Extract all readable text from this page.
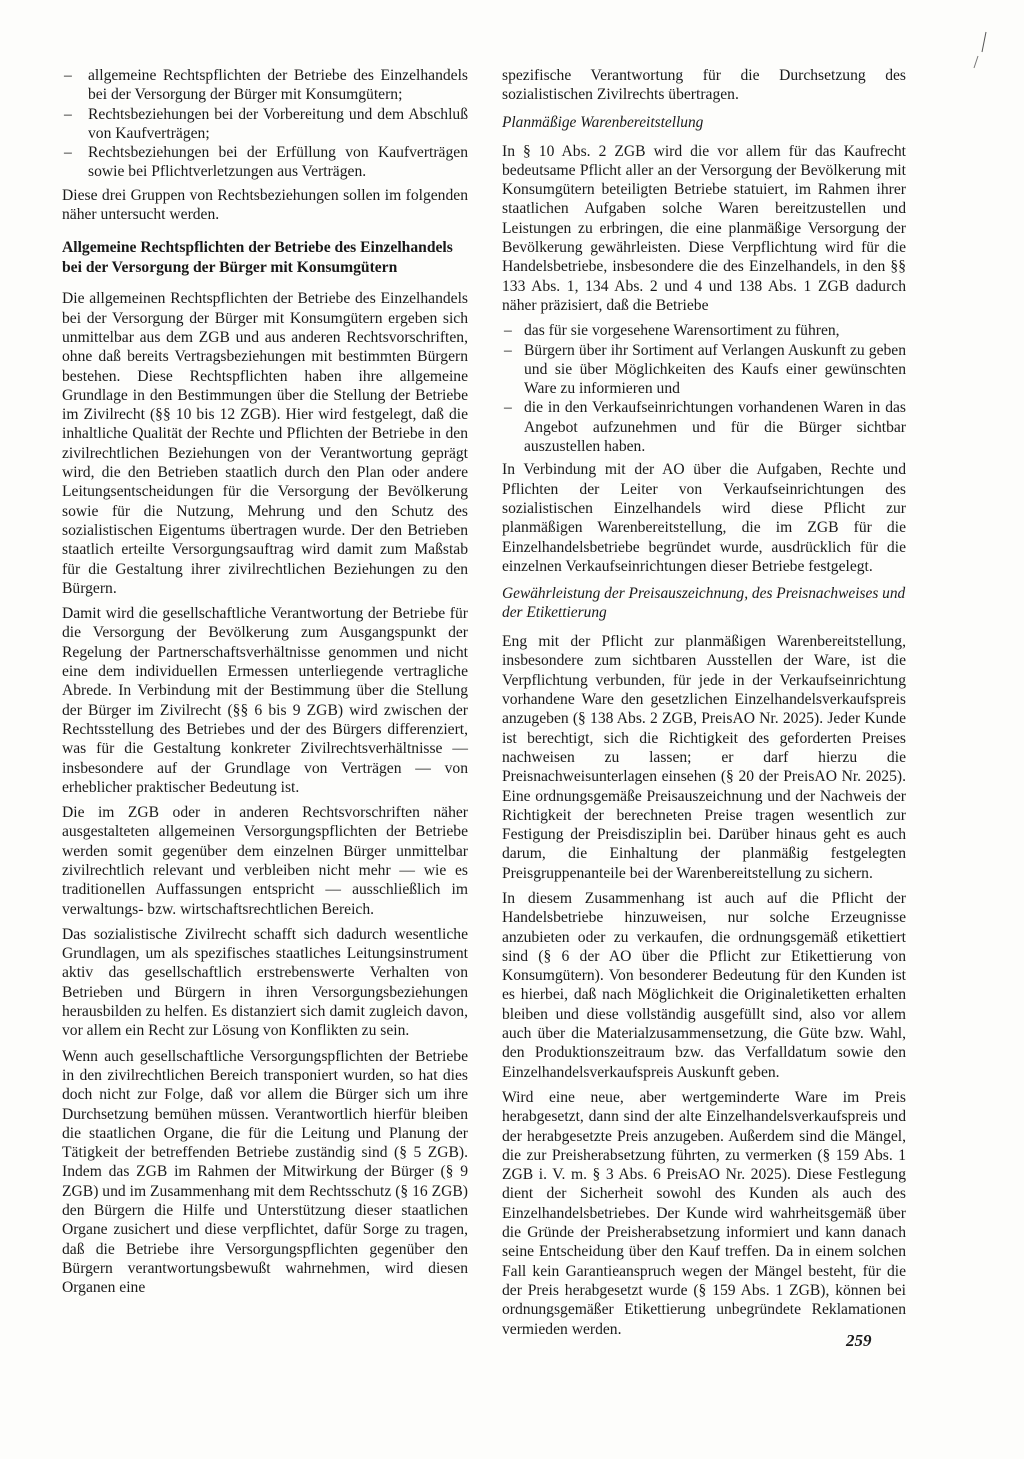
– allgemeine Rechtspflichten der Betriebe des Einzelhandels bei der Versorgung der Bürger mit Konsumgütern;
– Rechtsbeziehungen bei der Vorbereitung und dem Abschluß von Kaufverträgen;
– Rechtsbeziehungen bei der Erfüllung von Kaufverträgen sowie bei Pflichtverletzungen aus Verträgen.

Diese drei Gruppen von Rechtsbeziehungen sollen im folgenden näher untersucht werden.

Allgemeine Rechtspflichten der Betriebe des Einzelhandels bei der Versorgung der Bürger mit Konsumgütern

Die allgemeinen Rechtspflichten der Betriebe des Einzelhandels bei der Versorgung der Bürger mit Konsumgütern ergeben sich unmittelbar aus dem ZGB und aus anderen Rechtsvorschriften, ohne daß bereits Vertragsbeziehungen mit bestimmten Bürgern bestehen. Diese Rechtspflichten haben ihre allgemeine Grundlage in den Bestimmungen über die Stellung der Betriebe im Zivilrecht (§§ 10 bis 12 ZGB). Hier wird festgelegt, daß die inhaltliche Qualität der Rechte und Pflichten der Betriebe in den zivilrechtlichen Beziehungen von der Verantwortung geprägt wird, die den Betrieben staatlich durch den Plan oder andere Leitungsentscheidungen für die Versorgung der Bevölkerung sowie für die Nutzung, Mehrung und den Schutz des sozialistischen Eigentums übertragen wurde. Der den Betrieben staatlich erteilte Versorgungsauftrag wird damit zum Maßstab für die Gestaltung ihrer zivilrechtlichen Beziehungen zu den Bürgern.

Damit wird die gesellschaftliche Verantwortung der Betriebe für die Versorgung der Bevölkerung zum Ausgangspunkt der Regelung der Partnerschaftsverhältnisse genommen und nicht eine dem individuellen Ermessen unterliegende vertragliche Abrede. In Verbindung mit der Bestimmung über die Stellung der Bürger im Zivilrecht (§§ 6 bis 9 ZGB) wird zwischen der Rechtsstellung des Betriebes und der des Bürgers differenziert, was für die Gestaltung konkreter Zivilrechtsverhältnisse — insbesondere auf der Grundlage von Verträgen — von erheblicher praktischer Bedeutung ist.

Die im ZGB oder in anderen Rechtsvorschriften näher ausgestalteten allgemeinen Versorgungspflichten der Betriebe werden somit gegenüber dem einzelnen Bürger unmittelbar zivilrechtlich relevant und verbleiben nicht mehr — wie es traditionellen Auffassungen entspricht — ausschließlich im verwaltungs- bzw. wirtschaftsrechtlichen Bereich.

Das sozialistische Zivilrecht schafft sich dadurch wesentliche Grundlagen, um als spezifisches staatliches Leitungsinstrument aktiv das gesellschaftlich erstrebenswerte Verhalten von Betrieben und Bürgern in ihren Versorgungsbeziehungen herausbilden zu helfen. Es distanziert sich damit zugleich davon, vor allem ein Recht zur Lösung von Konflikten zu sein.

Wenn auch gesellschaftliche Versorgungspflichten der Betriebe in den zivilrechtlichen Bereich transponiert wurden, so hat dies doch nicht zur Folge, daß vor allem die Bürger sich um ihre Durchsetzung bemühen müssen. Verantwortlich hierfür bleiben die staatlichen Organe, die für die Leitung und Planung der Tätigkeit der betreffenden Betriebe zuständig sind (§ 5 ZGB). Indem das ZGB im Rahmen der Mitwirkung der Bürger (§ 9 ZGB) und im Zusammenhang mit dem Rechtsschutz (§ 16 ZGB) den Bürgern die Hilfe und Unterstützung dieser staatlichen Organe zusichert und diese verpflichtet, dafür Sorge zu tragen, daß die Betriebe ihre Versorgungspflichten gegenüber den Bürgern verantwortungsbewußt wahrnehmen, wird diesen Organen eine

spezifische Verantwortung für die Durchsetzung des sozialistischen Zivilrechts übertragen.

Planmäßige Warenbereitstellung

In § 10 Abs. 2 ZGB wird die vor allem für das Kaufrecht bedeutsame Pflicht aller an der Versorgung der Bevölkerung mit Konsumgütern beteiligten Betriebe statuiert, im Rahmen ihrer staatlichen Aufgaben solche Waren bereitzustellen und Leistungen zu erbringen, die eine planmäßige Versorgung der Bevölkerung gewährleisten. Diese Verpflichtung wird für die Handelsbetriebe, insbesondere die des Einzelhandels, in den §§ 133 Abs. 1, 134 Abs. 2 und 4 und 138 Abs. 1 ZGB dadurch näher präzisiert, daß die Betriebe

– das für sie vorgesehene Warensortiment zu führen,
– Bürgern über ihr Sortiment auf Verlangen Auskunft zu geben und sie über Möglichkeiten des Kaufs einer gewünschten Ware zu informieren und
– die in den Verkaufseinrichtungen vorhandenen Waren in das Angebot aufzunehmen und für die Bürger sichtbar auszustellen haben.

In Verbindung mit der AO über die Aufgaben, Rechte und Pflichten der Leiter von Verkaufseinrichtungen des sozialistischen Einzelhandels wird diese Pflicht zur planmäßigen Warenbereitstellung, die im ZGB für die Einzelhandelsbetriebe begründet wurde, ausdrücklich für die einzelnen Verkaufseinrichtungen dieser Betriebe festgelegt.

Gewährleistung der Preisauszeichnung, des Preisnachweises und der Etikettierung

Eng mit der Pflicht zur planmäßigen Warenbereitstellung, insbesondere zum sichtbaren Ausstellen der Ware, ist die Verpflichtung verbunden, für jede in der Verkaufseinrichtung vorhandene Ware den gesetzlichen Einzelhandelsverkaufspreis anzugeben (§ 138 Abs. 2 ZGB, PreisAO Nr. 2025). Jeder Kunde ist berechtigt, sich die Richtigkeit des geforderten Preises nachweisen zu lassen; er darf hierzu die Preisnachweisunterlagen einsehen (§ 20 der PreisAO Nr. 2025). Eine ordnungsgemäße Preisauszeichnung und der Nachweis der Richtigkeit der berechneten Preise tragen wesentlich zur Festigung der Preisdisziplin bei. Darüber hinaus geht es auch darum, die Einhaltung der planmäßig festgelegten Preisgruppenanteile bei der Warenbereitstellung zu sichern.

In diesem Zusammenhang ist auch auf die Pflicht der Handelsbetriebe hinzuweisen, nur solche Erzeugnisse anzubieten oder zu verkaufen, die ordnungsgemäß etikettiert sind (§ 6 der AO über die Pflicht zur Etikettierung von Konsumgütern). Von besonderer Bedeutung für den Kunden ist es hierbei, daß nach Möglichkeit die Originaletiketten erhalten bleiben und diese vollständig ausgefüllt sind, also vor allem auch über die Materialzusammensetzung, die Güte bzw. Wahl, den Produktionszeitraum bzw. das Verfalldatum sowie den Einzelhandelsverkaufspreis Auskunft geben.

Wird eine neue, aber wertgeminderte Ware im Preis herabgesetzt, dann sind der alte Einzelhandelsverkaufspreis und der herabgesetzte Preis anzugeben. Außerdem sind die Mängel, die zur Preisherabsetzung führten, zu vermerken (§ 159 Abs. 1 ZGB i. V. m. § 3 Abs. 6 PreisAO Nr. 2025). Diese Festlegung dient der Sicherheit sowohl des Kunden als auch des Einzelhandelsbetriebes. Der Kunde wird wahrheitsgemäß über die Gründe der Preisherabsetzung informiert und kann danach seine Entscheidung über den Kauf treffen. Da in einem solchen Fall kein Garantieanspruch wegen der Mängel besteht, für die der Preis herabgesetzt wurde (§ 159 Abs. 1 ZGB), können bei ordnungsgemäßer Etikettierung unbegründete Reklamationen vermieden werden.

259
